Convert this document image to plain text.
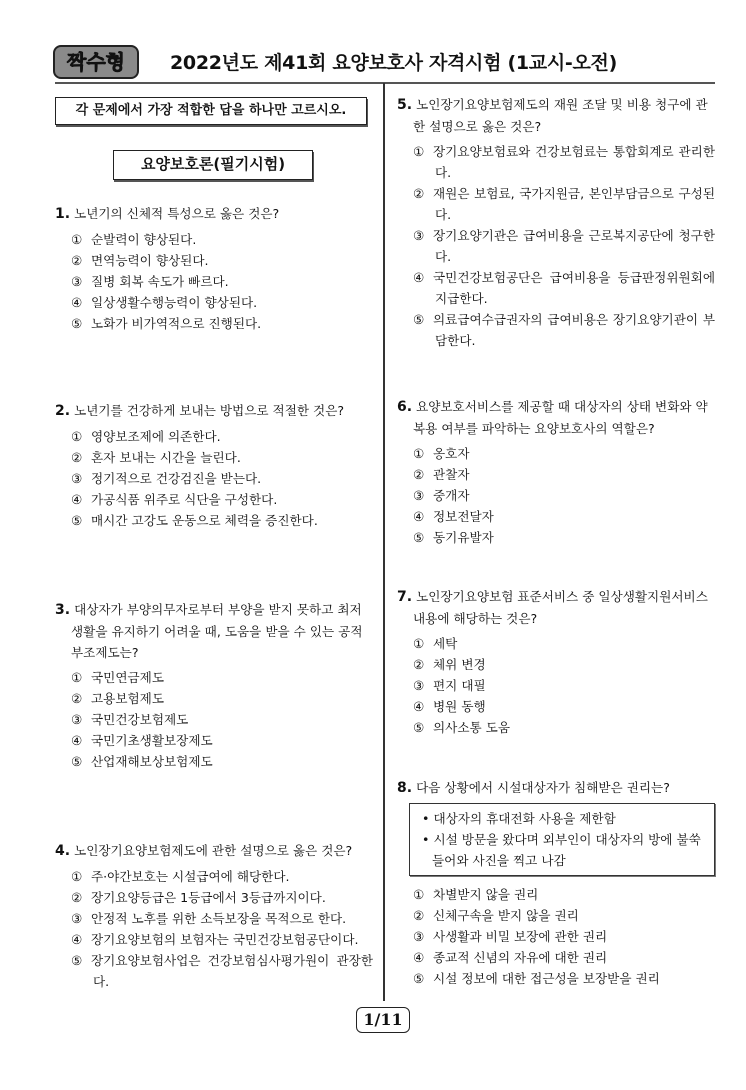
짝수형	2022년도 제41회 요양보호사 자격시험 (1교시-오전)
각 문제에서 가장 적합한 답을 하나만 고르시오.
요양보호론(필기시험)
1. 노년기의 신체적 특성으로 옳은 것은?
① 순발력이 향상된다.
② 면역능력이 향상된다.
③ 질병 회복 속도가 빠르다.
④ 일상생활수행능력이 향상된다.
⑤ 노화가 비가역적으로 진행된다.
2. 노년기를 건강하게 보내는 방법으로 적절한 것은?
① 영양보조제에 의존한다.
② 혼자 보내는 시간을 늘린다.
③ 정기적으로 건강검진을 받는다.
④ 가공식품 위주로 식단을 구성한다.
⑤ 매시간 고강도 운동으로 체력을 증진한다.
3. 대상자가 부양의무자로부터 부양을 받지 못하고 최저생활을 유지하기 어려울 때, 도움을 받을 수 있는 공적부조제도는?
① 국민연금제도
② 고용보험제도
③ 국민건강보험제도
④ 국민기초생활보장제도
⑤ 산업재해보상보험제도
4. 노인장기요양보험제도에 관한 설명으로 옳은 것은?
① 주·야간보호는 시설급여에 해당한다.
② 장기요양등급은 1등급에서 3등급까지이다.
③ 안정적 노후를 위한 소득보장을 목적으로 한다.
④ 장기요양보험의 보험자는 국민건강보험공단이다.
⑤ 장기요양보험사업은 건강보험심사평가원이 관장한다.
5. 노인장기요양보험제도의 재원 조달 및 비용 청구에 관한 설명으로 옳은 것은?
① 장기요양보험료와 건강보험료는 통합회계로 관리한다.
② 재원은 보험료, 국가지원금, 본인부담금으로 구성된다.
③ 장기요양기관은 급여비용을 근로복지공단에 청구한다.
④ 국민건강보험공단은 급여비용을 등급판정위원회에 지급한다.
⑤ 의료급여수급권자의 급여비용은 장기요양기관이 부담한다.
6. 요양보호서비스를 제공할 때 대상자의 상태 변화와 약 복용 여부를 파악하는 요양보호사의 역할은?
① 옹호자
② 관찰자
③ 중개자
④ 정보전달자
⑤ 동기유발자
7. 노인장기요양보험 표준서비스 중 일상생활지원서비스 내용에 해당하는 것은?
① 세탁
② 체위 변경
③ 편지 대필
④ 병원 동행
⑤ 의사소통 도움
8. 다음 상황에서 시설대상자가 침해받은 권리는?
• 대상자의 휴대전화 사용을 제한함
• 시설 방문을 왔다며 외부인이 대상자의 방에 불쑥 들어와 사진을 찍고 나감
① 차별받지 않을 권리
② 신체구속을 받지 않을 권리
③ 사생활과 비밀 보장에 관한 권리
④ 종교적 신념의 자유에 대한 권리
⑤ 시설 정보에 대한 접근성을 보장받을 권리
1/11
